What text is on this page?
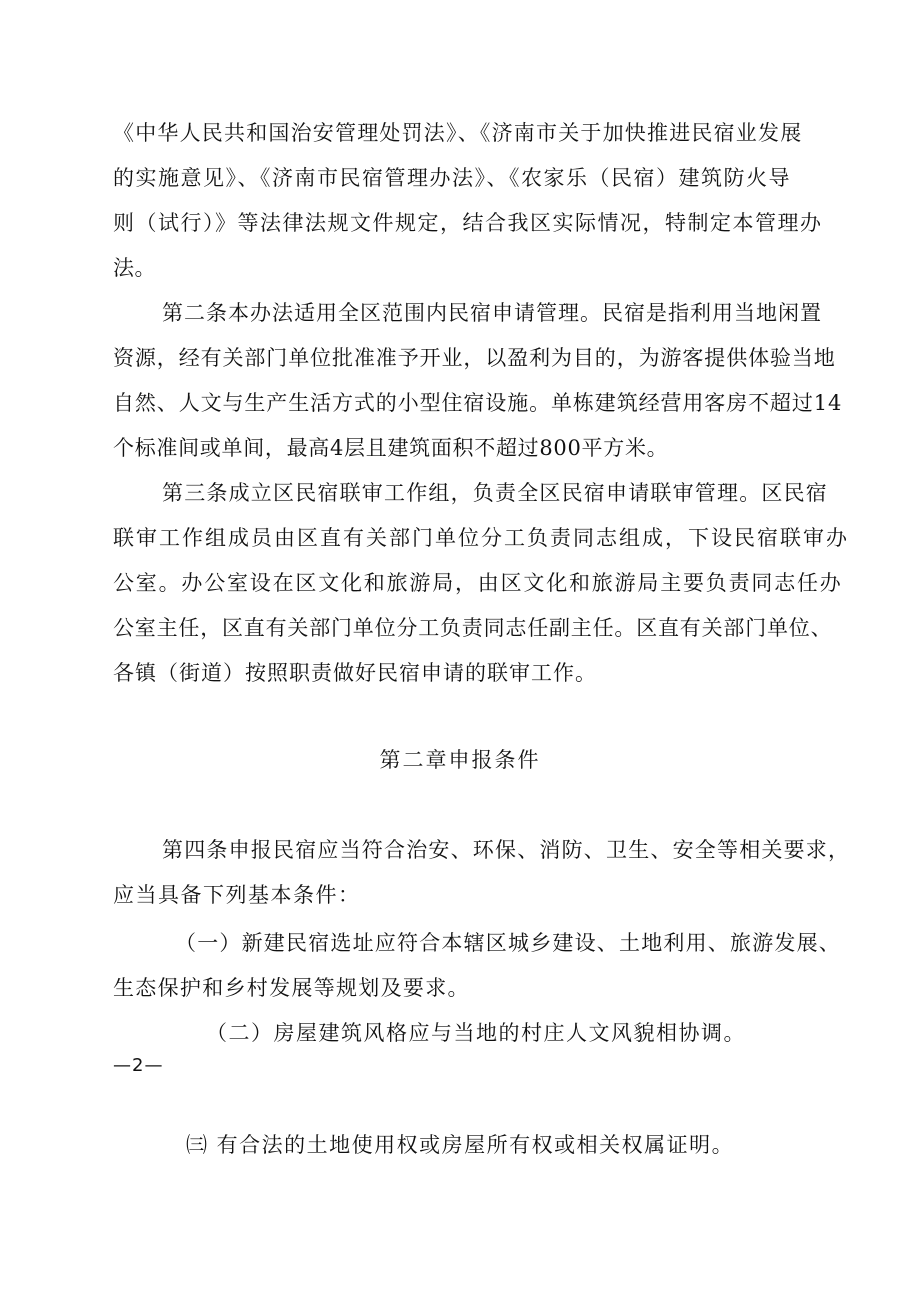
《中华人民共和国治安管理处罚法》、《济南市关于加快推进民宿业发展
的实施意见》、《济南市民宿管理办法》、《农家乐（民宿）建筑防火导
则（试行）》等法律法规文件规定，结合我区实际情况，特制定本管理办
法。
第二条本办法适用全区范围内民宿申请管理。民宿是指利用当地闲置
资源，经有关部门单位批准准予开业，以盈利为目的，为游客提供体验当地
自然、人文与生产生活方式的小型住宿设施。单栋建筑经营用客房不超过14
个标准间或单间，最高4层且建筑面积不超过800平方米。
第三条成立区民宿联审工作组，负责全区民宿申请联审管理。区民宿
联审工作组成员由区直有关部门单位分工负责同志组成，下设民宿联审办
公室。办公室设在区文化和旅游局，由区文化和旅游局主要负责同志任办
公室主任，区直有关部门单位分工负责同志任副主任。区直有关部门单位、
各镇（街道）按照职责做好民宿申请的联审工作。
第二章申报条件
第四条申报民宿应当符合治安、环保、消防、卫生、安全等相关要求，
应当具备下列基本条件：
（一）新建民宿选址应符合本辖区城乡建设、土地利用、旅游发展、
生态保护和乡村发展等规划及要求。
（二）房屋建筑风格应与当地的村庄人文风貌相协调。
—2—
㈢ 有合法的土地使用权或房屋所有权或相关权属证明。
